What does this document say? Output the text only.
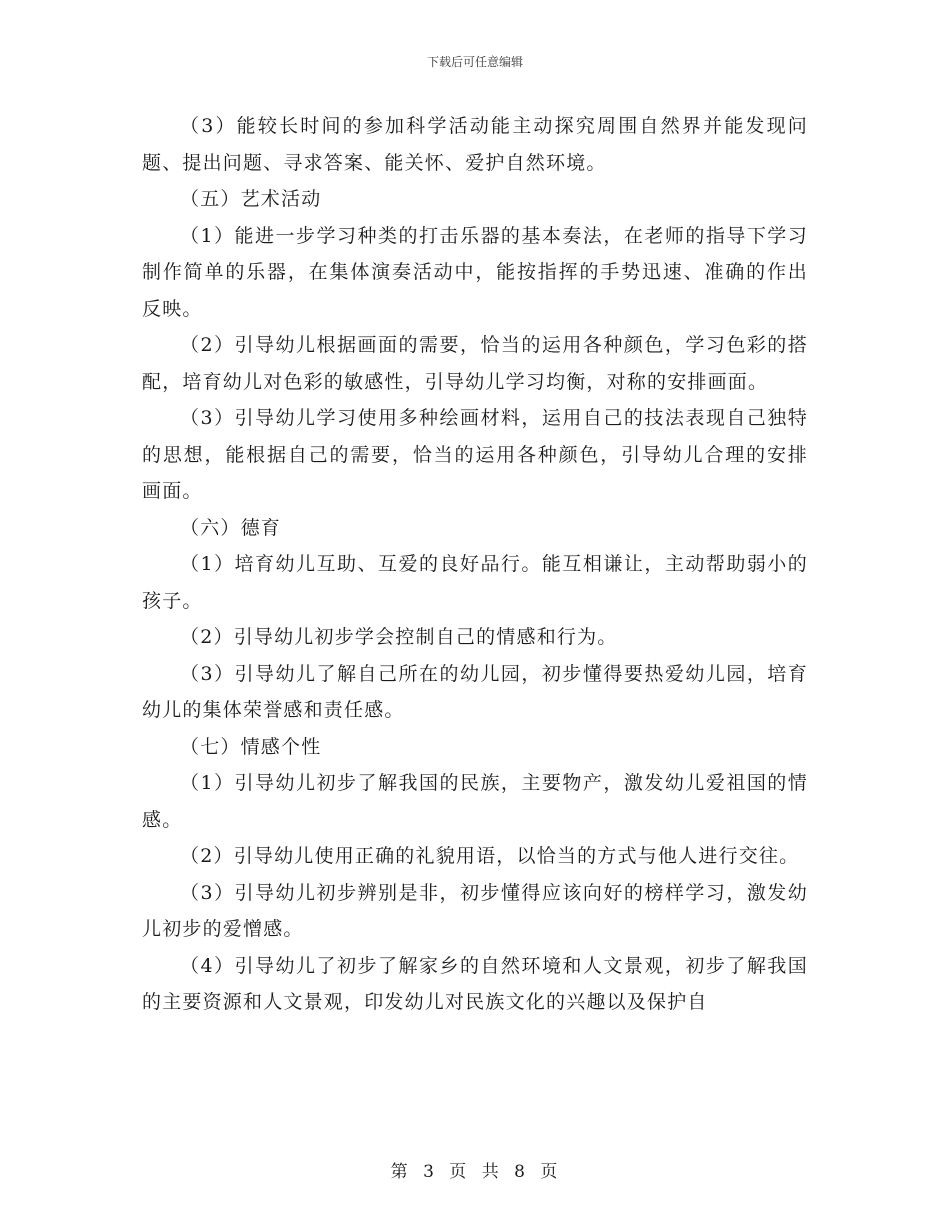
下载后可任意编辑

（3）能较长时间的参加科学活动能主动探究周围自然界并能发现问题、提出问题、寻求答案、能关怀、爱护自然环境。

（五）艺术活动

（1）能进一步学习种类的打击乐器的基本奏法，在老师的指导下学习制作简单的乐器，在集体演奏活动中，能按指挥的手势迅速、准确的作出反映。

（2）引导幼儿根据画面的需要，恰当的运用各种颜色，学习色彩的搭配，培育幼儿对色彩的敏感性，引导幼儿学习均衡，对称的安排画面。

（3）引导幼儿学习使用多种绘画材料，运用自己的技法表现自己独特的思想，能根据自己的需要，恰当的运用各种颜色，引导幼儿合理的安排画面。

（六）德育

（1）培育幼儿互助、互爱的良好品行。能互相谦让，主动帮助弱小的孩子。

（2）引导幼儿初步学会控制自己的情感和行为。

（3）引导幼儿了解自己所在的幼儿园，初步懂得要热爱幼儿园，培育幼儿的集体荣誉感和责任感。

（七）情感个性

（1）引导幼儿初步了解我国的民族，主要物产，激发幼儿爱祖国的情感。

（2）引导幼儿使用正确的礼貌用语，以恰当的方式与他人进行交往。

（3）引导幼儿初步辨别是非，初步懂得应该向好的榜样学习，激发幼儿初步的爱憎感。

（4）引导幼儿了初步了解家乡的自然环境和人文景观，初步了解我国的主要资源和人文景观，印发幼儿对民族文化的兴趣以及保护自

第 3 页 共 8 页
